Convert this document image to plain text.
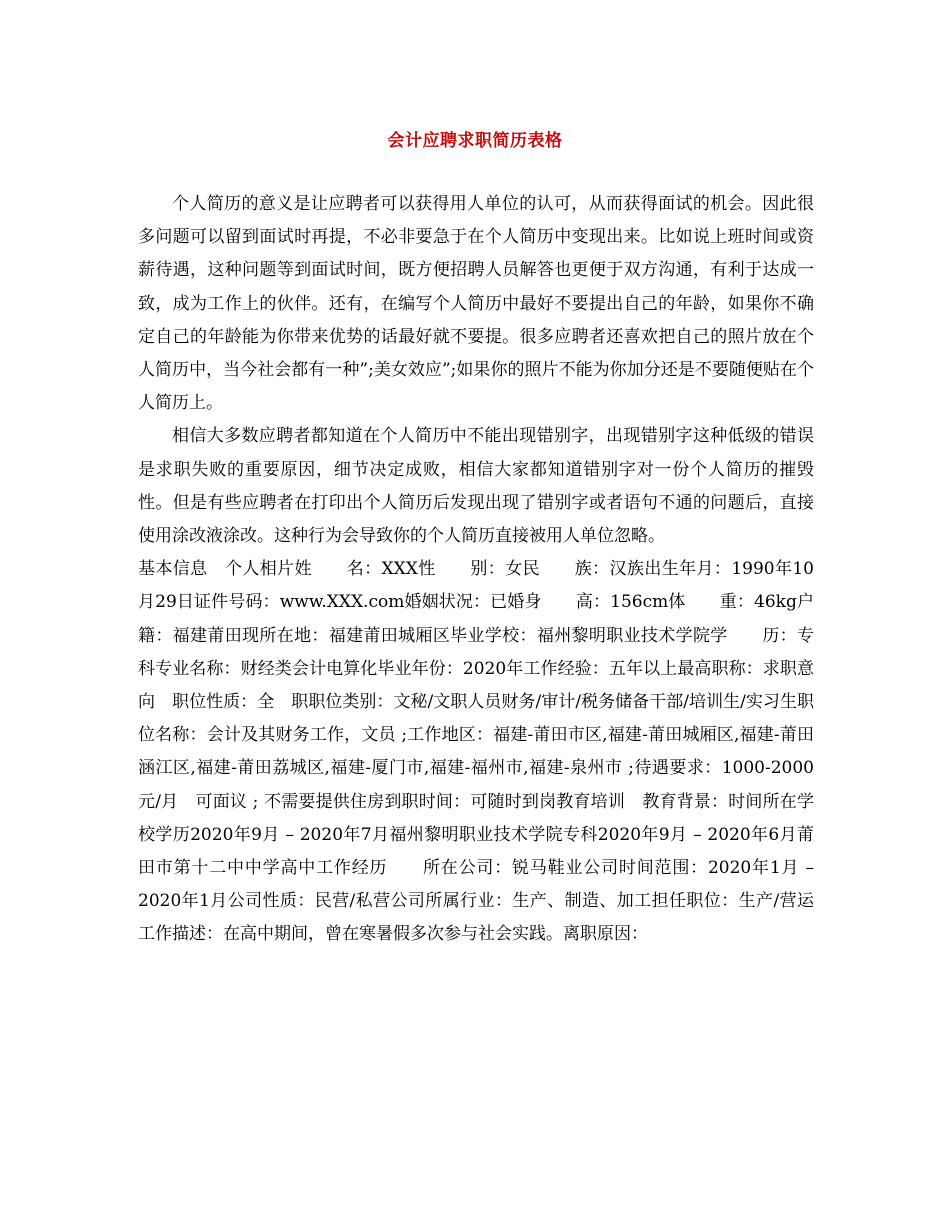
会计应聘求职简历表格

个人简历的意义是让应聘者可以获得用人单位的认可，从而获得面试的机会。因此很多问题可以留到面试时再提，不必非要急于在个人简历中变现出来。比如说上班时间或资薪待遇，这种问题等到面试时间，既方便招聘人员解答也更便于双方沟通，有利于达成一致，成为工作上的伙伴。还有，在编写个人简历中最好不要提出自己的年龄，如果你不确定自己的年龄能为你带来优势的话最好就不要提。很多应聘者还喜欢把自己的照片放在个人简历中，当今社会都有一种”;美女效应”;如果你的照片不能为你加分还是不要随便贴在个人简历上。

相信大多数应聘者都知道在个人简历中不能出现错别字，出现错别字这种低级的错误是求职失败的重要原因，细节决定成败，相信大家都知道错别字对一份个人简历的摧毁性。但是有些应聘者在打印出个人简历后发现出现了错别字或者语句不通的问题后，直接使用涂改液涂改。这种行为会导致你的个人简历直接被用人单位忽略。

基本信息　个人相片姓　　名：XXX性　　别：女民　　族：汉族出生年月：1990年10月29日证件号码：www.XXX.com婚姻状况：已婚身　　高：156cm体　　重：46kg户　　籍：福建莆田现所在地：福建莆田城厢区毕业学校：福州黎明职业技术学院学　　历：专科专业名称：财经类会计电算化毕业年份：2020年工作经验：五年以上最高职称：求职意向　职位性质：全　职职位类别：文秘/文职人员财务/审计/税务储备干部/培训生/实习生职位名称：会计及其财务工作，文员 ;工作地区：福建-莆田市区,福建-莆田城厢区,福建-莆田涵江区,福建-莆田荔城区,福建-厦门市,福建-福州市,福建-泉州市 ;待遇要求：1000-2000元/月　可面议 ; 不需要提供住房到职时间：可随时到岗教育培训　教育背景：时间所在学校学历2020年9月 – 2020年7月福州黎明职业技术学院专科2020年9月 – 2020年6月莆田市第十二中中学高中工作经历　　所在公司：锐马鞋业公司时间范围：2020年1月 – 2020年1月公司性质：民营/私营公司所属行业：生产、制造、加工担任职位：生产/营运工作描述：在高中期间，曾在寒暑假多次参与社会实践。离职原因：
